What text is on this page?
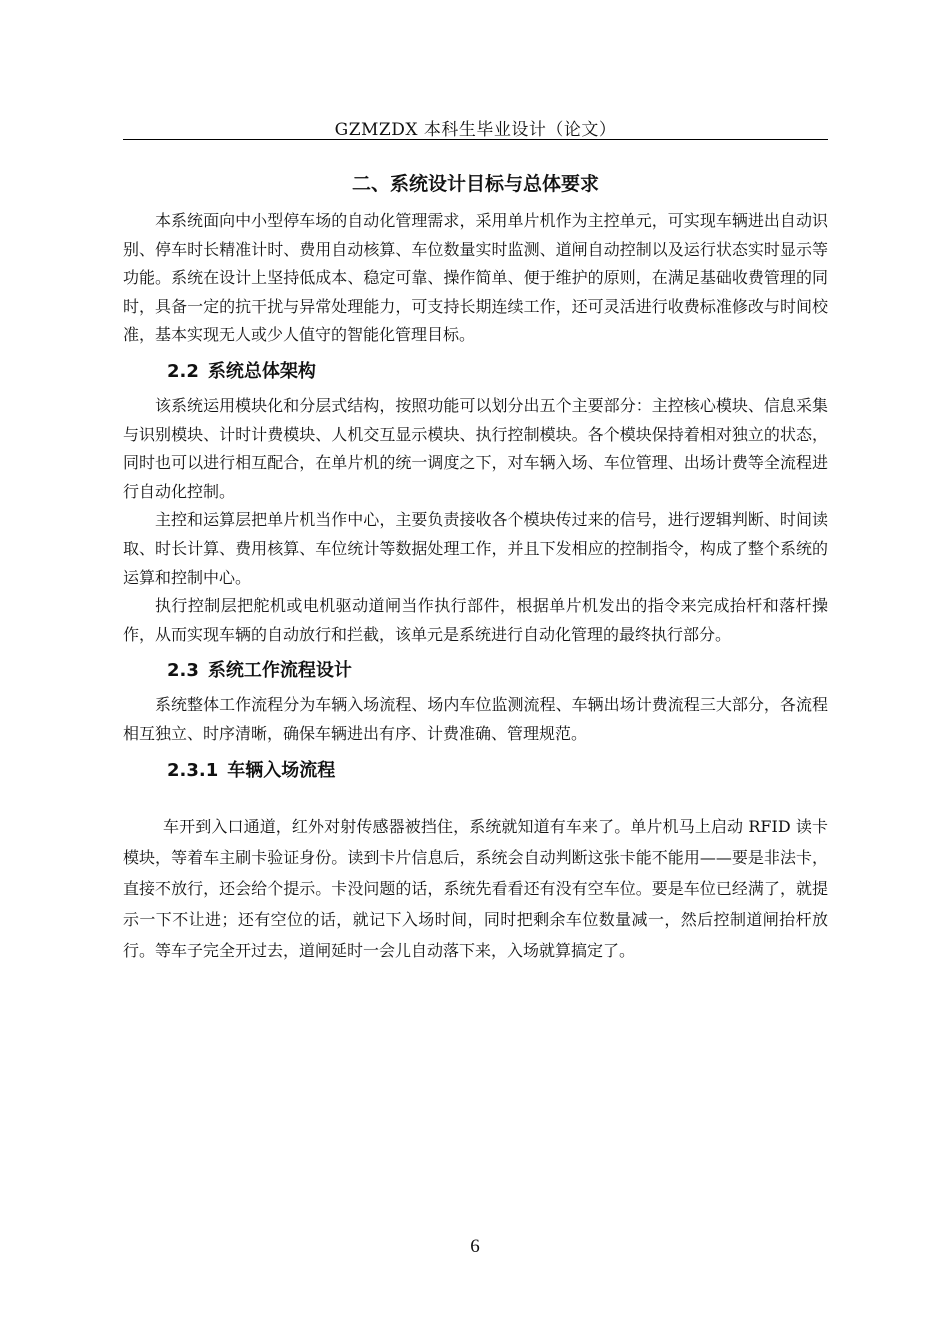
GZMZDX 本科生毕业设计（论文）
二、系统设计目标与总体要求

本系统面向中小型停车场的自动化管理需求，采用单片机作为主控单元，可实现车辆进出自动识别、停车时长精准计时、费用自动核算、车位数量实时监测、道闸自动控制以及运行状态实时显示等功能。系统在设计上坚持低成本、稳定可靠、操作简单、便于维护的原则，在满足基础收费管理的同时，具备一定的抗干扰与异常处理能力，可支持长期连续工作，还可灵活进行收费标准修改与时间校准，基本实现无人或少人值守的智能化管理目标。

2.2 系统总体架构

该系统运用模块化和分层式结构，按照功能可以划分出五个主要部分：主控核心模块、信息采集与识别模块、计时计费模块、人机交互显示模块、执行控制模块。各个模块保持着相对独立的状态，同时也可以进行相互配合，在单片机的统一调度之下，对车辆入场、车位管理、出场计费等全流程进行自动化控制。

主控和运算层把单片机当作中心，主要负责接收各个模块传过来的信号，进行逻辑判断、时间读取、时长计算、费用核算、车位统计等数据处理工作，并且下发相应的控制指令，构成了整个系统的运算和控制中心。

执行控制层把舵机或电机驱动道闸当作执行部件，根据单片机发出的指令来完成抬杆和落杆操作，从而实现车辆的自动放行和拦截，该单元是系统进行自动化管理的最终执行部分。

2.3 系统工作流程设计

系统整体工作流程分为车辆入场流程、场内车位监测流程、车辆出场计费流程三大部分，各流程相互独立、时序清晰，确保车辆进出有序、计费准确、管理规范。

2.3.1 车辆入场流程

车开到入口通道，红外对射传感器被挡住，系统就知道有车来了。单片机马上启动 RFID 读卡模块，等着车主刷卡验证身份。读到卡片信息后，系统会自动判断这张卡能不能用——要是非法卡，直接不放行，还会给个提示。卡没问题的话，系统先看看还有没有空车位。要是车位已经满了，就提示一下不让进；还有空位的话，就记下入场时间，同时把剩余车位数量减一，然后控制道闸抬杆放行。等车子完全开过去，道闸延时一会儿自动落下来，入场就算搞定了。

6
